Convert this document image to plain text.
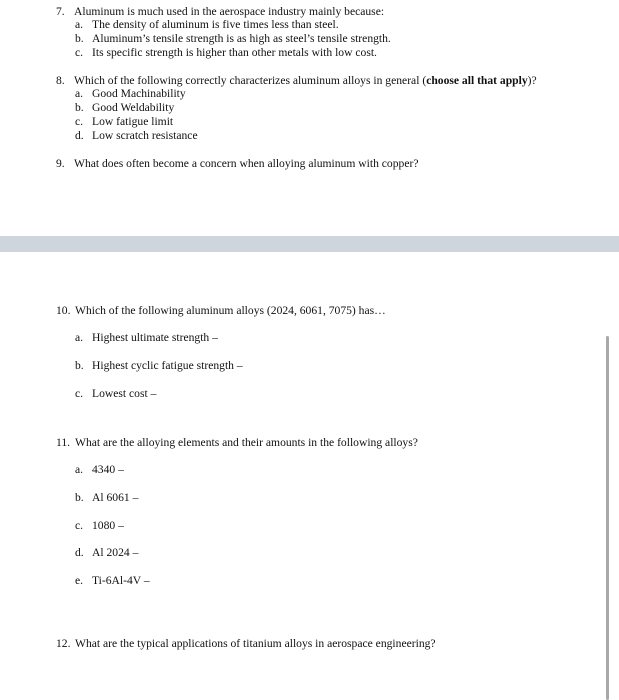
7. Aluminum is much used in the aerospace industry mainly because:
a. The density of aluminum is five times less than steel.
b. Aluminum’s tensile strength is as high as steel’s tensile strength.
c. Its specific strength is higher than other metals with low cost.
8. Which of the following correctly characterizes aluminum alloys in general (choose all that apply)?
a. Good Machinability
b. Good Weldability
c. Low fatigue limit
d. Low scratch resistance
9. What does often become a concern when alloying aluminum with copper?
10. Which of the following aluminum alloys (2024, 6061, 7075) has…
a. Highest ultimate strength –
b. Highest cyclic fatigue strength –
c. Lowest cost –
11. What are the alloying elements and their amounts in the following alloys?
a. 4340 –
b. Al 6061 –
c. 1080 –
d. Al 2024 –
e. Ti-6Al-4V –
12. What are the typical applications of titanium alloys in aerospace engineering?
